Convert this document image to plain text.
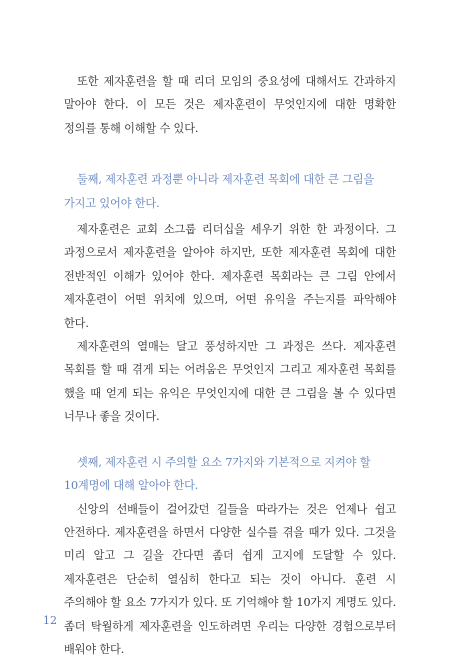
또한 제자훈련을 할 때 리더 모임의 중요성에 대해서도 간과하지 말아야 한다. 이 모든 것은 제자훈련이 무엇인지에 대한 명확한 정의를 통해 이해할 수 있다.

둘째, 제자훈련 과정뿐 아니라 제자훈련 목회에 대한 큰 그림을 가지고 있어야 한다.

제자훈련은 교회 소그룹 리더십을 세우기 위한 한 과정이다. 그 과정으로서 제자훈련을 알아야 하지만, 또한 제자훈련 목회에 대한 전반적인 이해가 있어야 한다. 제자훈련 목회라는 큰 그림 안에서 제자훈련이 어떤 위치에 있으며, 어떤 유익을 주는지를 파악해야 한다.

제자훈련의 열매는 달고 풍성하지만 그 과정은 쓰다. 제자훈련 목회를 할 때 겪게 되는 어려움은 무엇인지 그리고 제자훈련 목회를 했을 때 얻게 되는 유익은 무엇인지에 대한 큰 그림을 볼 수 있다면 너무나 좋을 것이다.

셋째, 제자훈련 시 주의할 요소 7가지와 기본적으로 지켜야 할 10계명에 대해 알아야 한다.

신앙의 선배들이 걸어갔던 길들을 따라가는 것은 언제나 쉽고 안전하다. 제자훈련을 하면서 다양한 실수를 겪을 때가 있다. 그것을 미리 알고 그 길을 간다면 좀더 쉽게 고지에 도달할 수 있다. 제자훈련은 단순히 열심히 한다고 되는 것이 아니다. 훈련 시 주의해야 할 요소 7가지가 있다. 또 기억해야 할 10가지 계명도 있다. 좀더 탁월하게 제자훈련을 인도하려면 우리는 다양한 경험으로부터 배워야 한다.

12
